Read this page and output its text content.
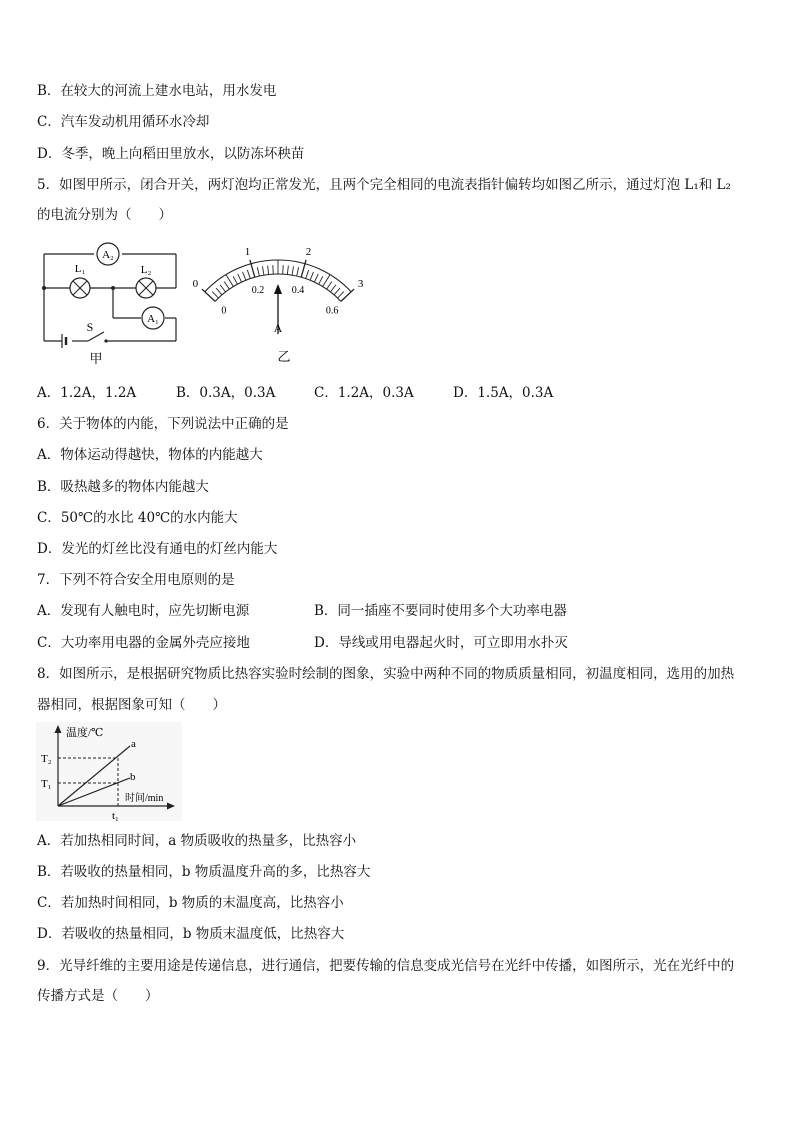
B．在较大的河流上建水电站，用水发电
C．汽车发动机用循环水冷却
D．冬季，晚上向稻田里放水，以防冻坏秧苗
5．如图甲所示，闭合开关，两灯泡均正常发光，且两个完全相同的电流表指针偏转均如图乙所示，通过灯泡 L₁和 L₂
的电流分别为（　　）
A₂
L₁	L₂
A₁
S
甲
0
1	2
3
0
0.2	0.4
0.6
A
乙
A．1.2A，1.2A	B．0.3A，0.3A	C．1.2A，0.3A	D．1.5A，0.3A
6．关于物体的内能，下列说法中正确的是
A．物体运动得越快，物体的内能越大
B．吸热越多的物体内能越大
C．50℃的水比 40℃的水内能大
D．发光的灯丝比没有通电的灯丝内能大
7．下列不符合安全用电原则的是
A．发现有人触电时，应先切断电源	B．同一插座不要同时使用多个大功率电器
C．大功率用电器的金属外壳应接地	D．导线或用电器起火时，可立即用水扑灭
8．如图所示，是根据研究物质比热容实验时绘制的图象，实验中两种不同的物质质量相同，初温度相同，选用的加热
器相同，根据图象可知（　　）
温度/℃
T₂
T₁
a
b
时间/min
t₁
A．若加热相同时间，a 物质吸收的热量多，比热容小
B．若吸收的热量相同，b 物质温度升高的多，比热容大
C．若加热时间相同，b 物质的末温度高，比热容小
D．若吸收的热量相同，b 物质末温度低，比热容大
9．光导纤维的主要用途是传递信息，进行通信，把要传输的信息变成光信号在光纤中传播，如图所示，光在光纤中的
传播方式是（　　）
